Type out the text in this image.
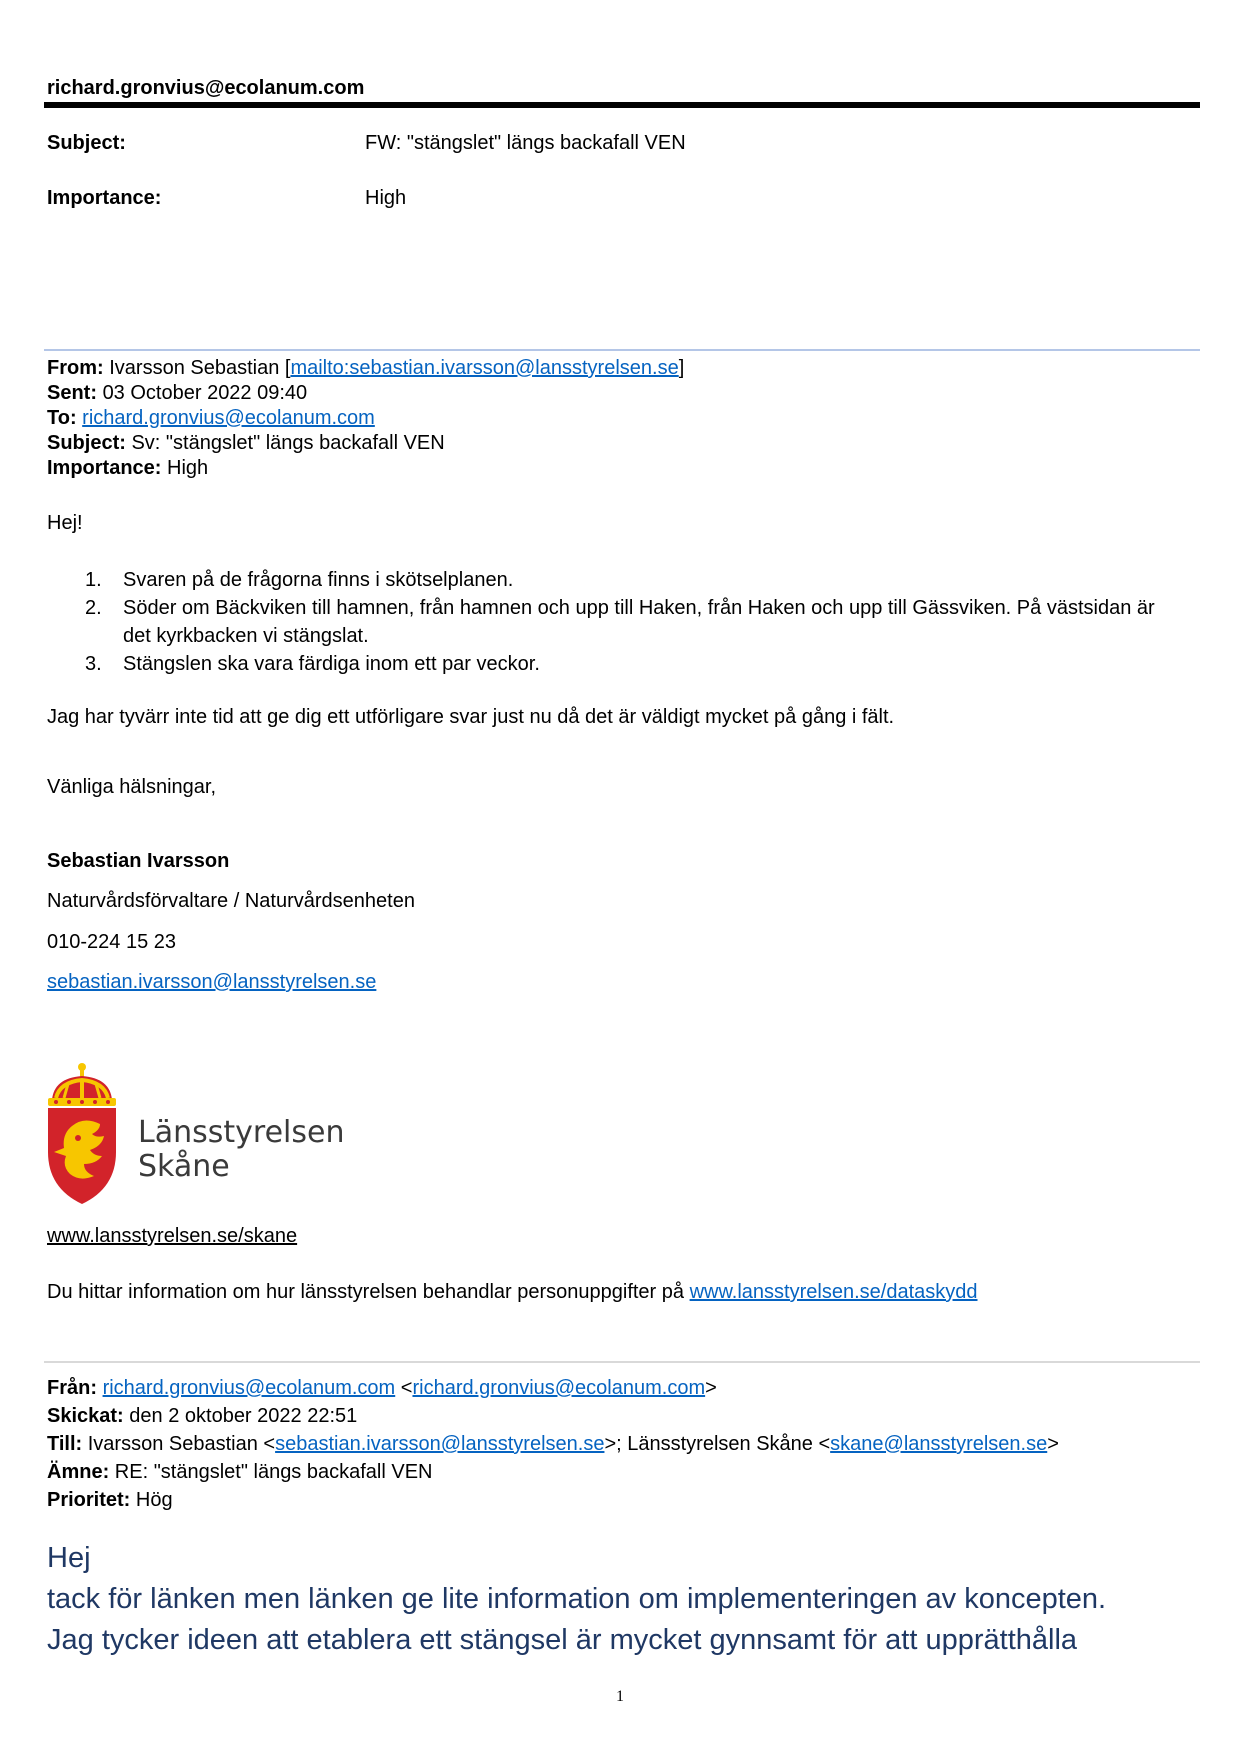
richard.gronvius@ecolanum.com
Subject:	FW: "stängslet" längs backafall VEN
Importance:	High
From: Ivarsson Sebastian [mailto:sebastian.ivarsson@lansstyrelsen.se]
Sent: 03 October 2022 09:40
To: richard.gronvius@ecolanum.com
Subject: Sv: "stängslet" längs backafall VEN
Importance: High
Hej!
1. Svaren på de frågorna finns i skötselplanen.
2. Söder om Bäckviken till hamnen, från hamnen och upp till Haken, från Haken och upp till Gässviken. På västsidan är det kyrkbacken vi stängslat.
3. Stängslen ska vara färdiga inom ett par veckor.
Jag har tyvärr inte tid att ge dig ett utförligare svar just nu då det är väldigt mycket på gång i fält.
Vänliga hälsningar,
Sebastian Ivarsson
Naturvårdsförvaltare / Naturvårdsenheten
010-224 15 23
sebastian.ivarsson@lansstyrelsen.se
Länsstyrelsen
Skåne
www.lansstyrelsen.se/skane
Du hittar information om hur länsstyrelsen behandlar personuppgifter på www.lansstyrelsen.se/dataskydd
Från: richard.gronvius@ecolanum.com <richard.gronvius@ecolanum.com>
Skickat: den 2 oktober 2022 22:51
Till: Ivarsson Sebastian <sebastian.ivarsson@lansstyrelsen.se>; Länsstyrelsen Skåne <skane@lansstyrelsen.se>
Ämne: RE: "stängslet" längs backafall VEN
Prioritet: Hög
Hej
tack för länken men länken ge lite information om implementeringen av koncepten.
Jag tycker ideen att etablera ett stängsel är mycket gynnsamt för att upprätthålla
1
